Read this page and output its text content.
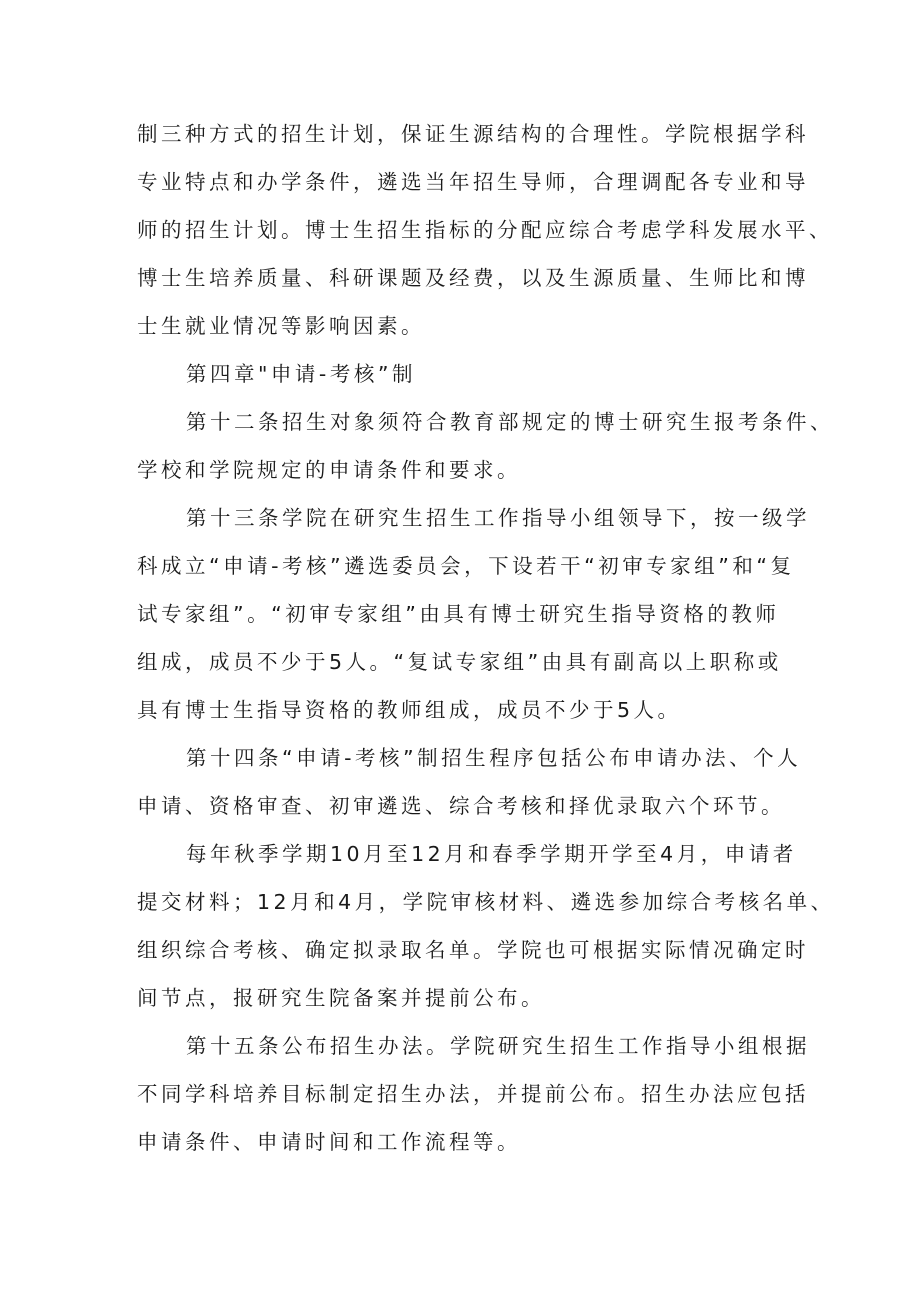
制三种方式的招生计划，保证生源结构的合理性。学院根据学科
专业特点和办学条件，遴选当年招生导师，合理调配各专业和导
师的招生计划。博士生招生指标的分配应综合考虑学科发展水平、
博士生培养质量、科研课题及经费，以及生源质量、生师比和博
士生就业情况等影响因素。
第四章"申请-考核”制
第十二条招生对象须符合教育部规定的博士研究生报考条件、
学校和学院规定的申请条件和要求。
第十三条学院在研究生招生工作指导小组领导下，按一级学
科成立“申请-考核”遴选委员会，下设若干“初审专家组”和“复
试专家组”。“初审专家组”由具有博士研究生指导资格的教师
组成，成员不少于5人。“复试专家组”由具有副高以上职称或
具有博士生指导资格的教师组成，成员不少于5人。
第十四条“申请-考核”制招生程序包括公布申请办法、个人
申请、资格审查、初审遴选、综合考核和择优录取六个环节。
每年秋季学期10月至12月和春季学期开学至4月，申请者
提交材料；12月和4月，学院审核材料、遴选参加综合考核名单、
组织综合考核、确定拟录取名单。学院也可根据实际情况确定时
间节点，报研究生院备案并提前公布。
第十五条公布招生办法。学院研究生招生工作指导小组根据
不同学科培养目标制定招生办法，并提前公布。招生办法应包括
申请条件、申请时间和工作流程等。
